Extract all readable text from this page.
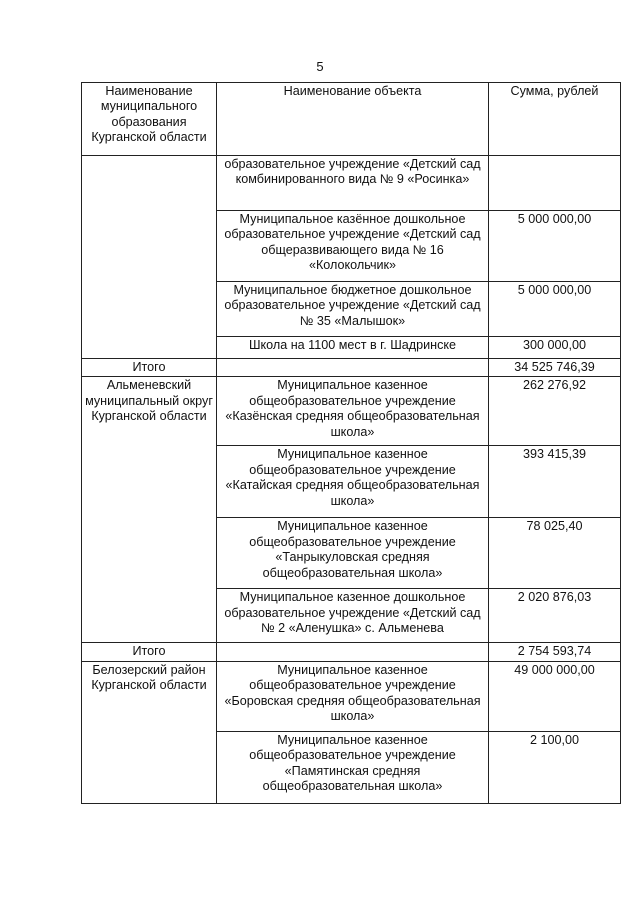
5
Наименование муниципального образования Курганской области	Наименование объекта	Сумма, рублей
	образовательное учреждение «Детский сад комбинированного вида № 9 «Росинка»	
	Муниципальное казённое дошкольное образовательное учреждение «Детский сад общеразвивающего вида № 16 «Колокольчик»	5 000 000,00
	Муниципальное бюджетное дошкольное образовательное учреждение «Детский сад № 35 «Малышок»	5 000 000,00
	Школа на 1100 мест в г. Шадринске	300 000,00
Итого		34 525 746,39
Альменевский муниципальный округ Курганской области	Муниципальное казенное общеобразовательное учреждение «Казёнская средняя общеобразовательная школа»	262 276,92
	Муниципальное казенное общеобразовательное учреждение «Катайская средняя общеобразовательная школа»	393 415,39
	Муниципальное казенное общеобразовательное учреждение «Танрыкуловская средняя общеобразовательная школа»	78 025,40
	Муниципальное казенное дошкольное образовательное учреждение «Детский сад № 2 «Аленушка» с. Альменева	2 020 876,03
Итого		2 754 593,74
Белозерский район Курганской области	Муниципальное казенное общеобразовательное учреждение «Боровская средняя общеобразовательная школа»	49 000 000,00
	Муниципальное казенное общеобразовательное учреждение «Памятинская средняя общеобразовательная школа»	2 100,00
